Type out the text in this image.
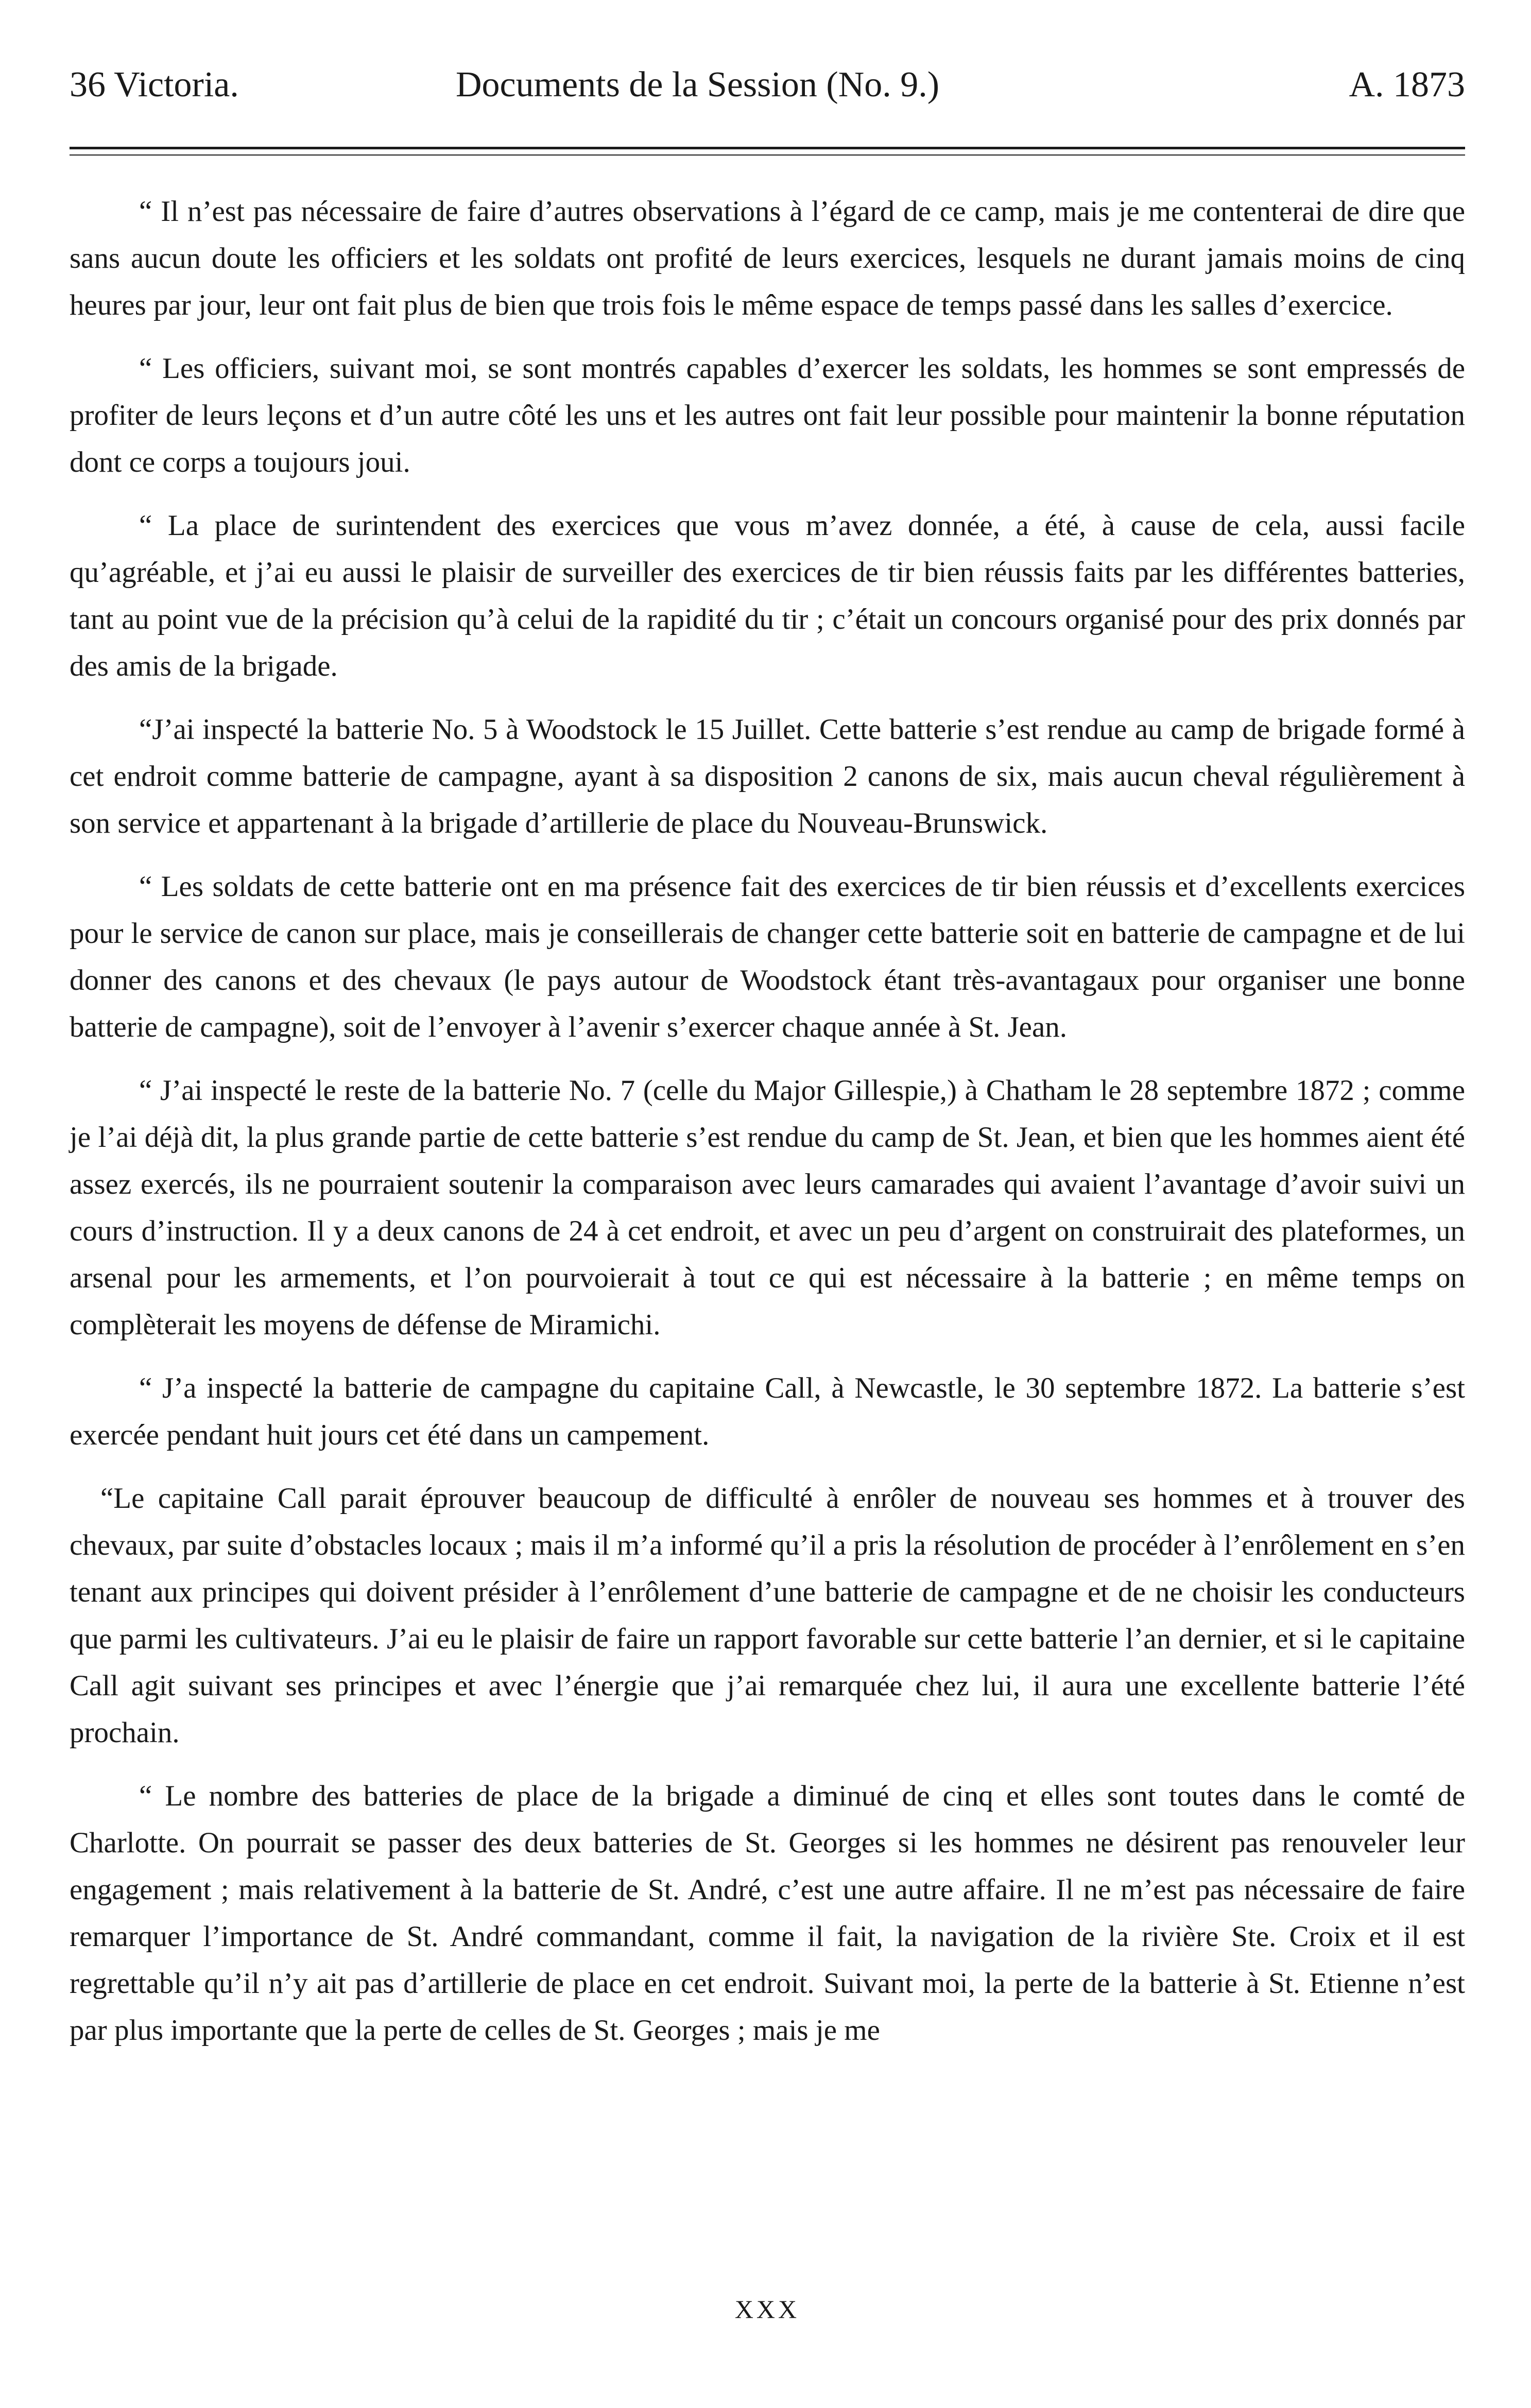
36 Victoria.	Documents de la Session (No. 9.)	A. 1873

“ Il n’est pas nécessaire de faire d’autres observations à l’égard de ce camp, mais je me contenterai de dire que sans aucun doute les officiers et les soldats ont profité de leurs exercices, lesquels ne durant jamais moins de cinq heures par jour, leur ont fait plus de bien que trois fois le même espace de temps passé dans les salles d’exercice.

“ Les officiers, suivant moi, se sont montrés capables d’exercer les soldats, les hommes se sont empressés de profiter de leurs leçons et d’un autre côté les uns et les autres ont fait leur possible pour maintenir la bonne réputation dont ce corps a toujours joui.

“ La place de surintendent des exercices que vous m’avez donnée, a été, à cause de cela, aussi facile qu’agréable, et j’ai eu aussi le plaisir de surveiller des exercices de tir bien réussis faits par les différentes batteries, tant au point vue de la précision qu’à celui de la rapidité du tir ; c’était un concours organisé pour des prix donnés par des amis de la brigade.

“J’ai inspecté la batterie No. 5 à Woodstock le 15 Juillet. Cette batterie s’est rendue au camp de brigade formé à cet endroit comme batterie de campagne, ayant à sa disposition 2 canons de six, mais aucun cheval régulièrement à son service et appartenant à la brigade d’artillerie de place du Nouveau-Brunswick.

“ Les soldats de cette batterie ont en ma présence fait des exercices de tir bien réussis et d’excellents exercices pour le service de canon sur place, mais je conseillerais de changer cette batterie soit en batterie de campagne et de lui donner des canons et des chevaux (le pays autour de Woodstock étant très-avantagaux pour organiser une bonne batterie de campagne), soit de l’envoyer à l’avenir s’exercer chaque année à St. Jean.

“ J’ai inspecté le reste de la batterie No. 7 (celle du Major Gillespie,) à Chatham le 28 septembre 1872 ; comme je l’ai déjà dit, la plus grande partie de cette batterie s’est rendue du camp de St. Jean, et bien que les hommes aient été assez exercés, ils ne pourraient soutenir la comparaison avec leurs camarades qui avaient l’avantage d’avoir suivi un cours d’instruction. Il y a deux canons de 24 à cet endroit, et avec un peu d’argent on construirait des plateformes, un arsenal pour les armements, et l’on pourvoierait à tout ce qui est nécessaire à la batterie ; en même temps on complèterait les moyens de défense de Miramichi.

“ J’a inspecté la batterie de campagne du capitaine Call, à Newcastle, le 30 septembre 1872. La batterie s’est exercée pendant huit jours cet été dans un campement.

“Le capitaine Call parait éprouver beaucoup de difficulté à enrôler de nouveau ses hommes et à trouver des chevaux, par suite d’obstacles locaux ; mais il m’a informé qu’il a pris la résolution de procéder à l’enrôlement en s’en tenant aux principes qui doivent présider à l’enrôlement d’une batterie de campagne et de ne choisir les conducteurs que parmi les cultivateurs. J’ai eu le plaisir de faire un rapport favorable sur cette batterie l’an dernier, et si le capitaine Call agit suivant ses principes et avec l’énergie que j’ai remarquée chez lui, il aura une excellente batterie l’été prochain.

“ Le nombre des batteries de place de la brigade a diminué de cinq et elles sont toutes dans le comté de Charlotte. On pourrait se passer des deux batteries de St. Georges si les hommes ne désirent pas renouveler leur engagement ; mais relativement à la batterie de St. André, c’est une autre affaire. Il ne m’est pas nécessaire de faire remarquer l’importance de St. André commandant, comme il fait, la navigation de la rivière Ste. Croix et il est regrettable qu’il n’y ait pas d’artillerie de place en cet endroit. Suivant moi, la perte de la batterie à St. Etienne n’est par plus importante que la perte de celles de St. Georges ; mais je me

XXX
